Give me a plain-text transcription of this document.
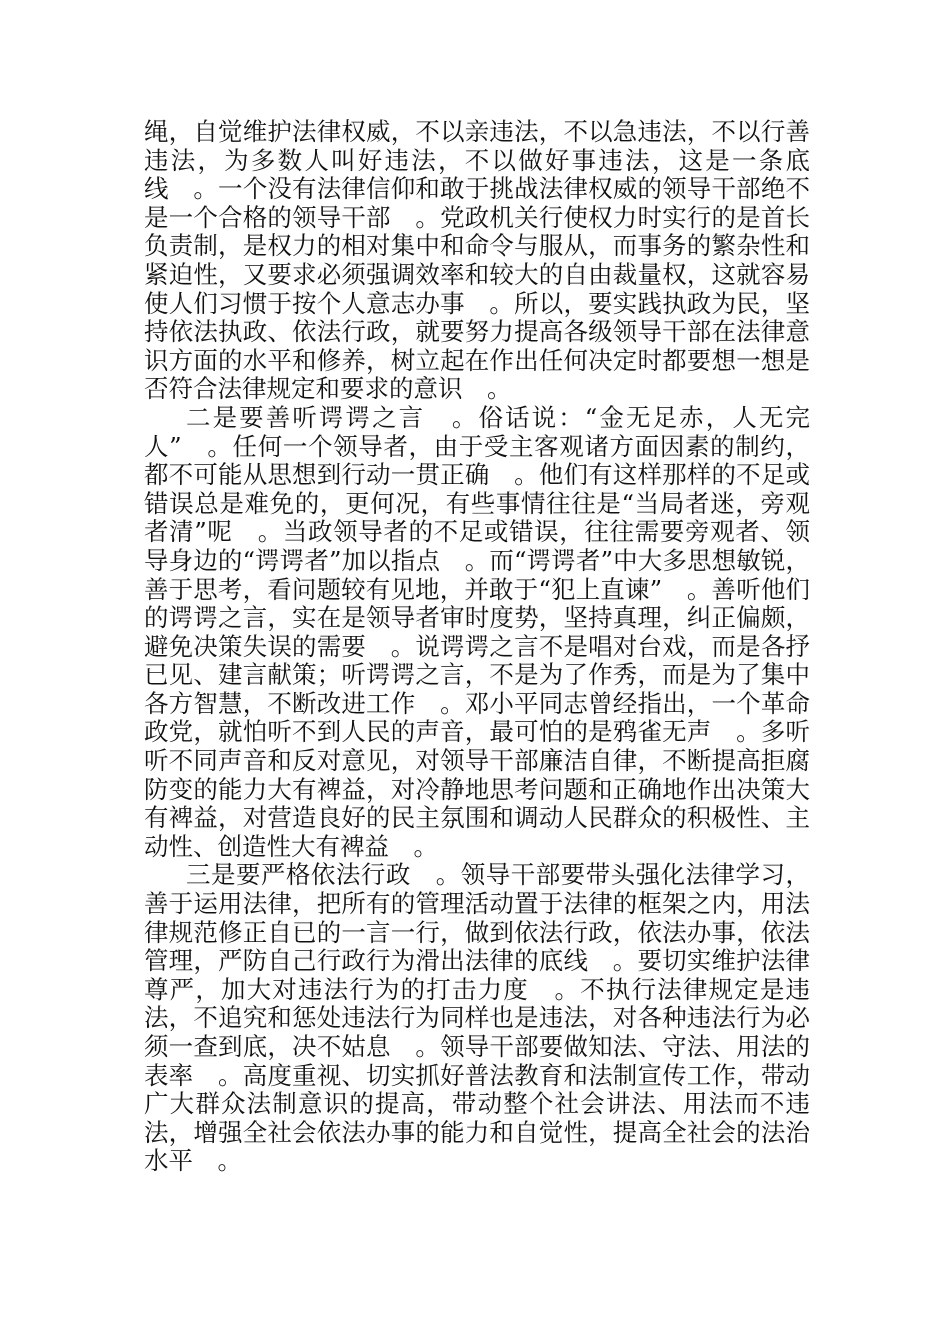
绳，自觉维护法律权威，不以亲违法，不以急违法，不以行善违法，为多数人叫好违法，不以做好事违法，这是一条底线　。一个没有法律信仰和敢于挑战法律权威的领导干部绝不是一个合格的领导干部　。党政机关行使权力时实行的是首长负责制，是权力的相对集中和命令与服从，而事务的繁杂性和紧迫性，又要求必须强调效率和较大的自由裁量权，这就容易使人们习惯于按个人意志办事　。所以，要实践执政为民，坚持依法执政、依法行政，就要努力提高各级领导干部在法律意识方面的水平和修养，树立起在作出任何决定时都要想一想是否符合法律规定和要求的意识　。

二是要善听谔谔之言　。俗话说：“金无足赤，人无完人”　。任何一个领导者，由于受主客观诸方面因素的制约，都不可能从思想到行动一贯正确　。他们有这样那样的不足或错误总是难免的，更何况，有些事情往往是“当局者迷，旁观者清”呢　。当政领导者的不足或错误，往往需要旁观者、领导身边的“谔谔者”加以指点　。而“谔谔者”中大多思想敏锐，善于思考，看问题较有见地，并敢于“犯上直谏”　。善听他们的谔谔之言，实在是领导者审时度势，坚持真理，纠正偏颇，避免决策失误的需要　。说谔谔之言不是唱对台戏，而是各抒已见、建言献策；听谔谔之言，不是为了作秀，而是为了集中各方智慧，不断改进工作　。邓小平同志曾经指出，一个革命政党，就怕听不到人民的声音，最可怕的是鸦雀无声　。多听听不同声音和反对意见，对领导干部廉洁自律，不断提高拒腐防变的能力大有裨益，对冷静地思考问题和正确地作出决策大有裨益，对营造良好的民主氛围和调动人民群众的积极性、主动性、创造性大有裨益　。

三是要严格依法行政　。领导干部要带头强化法律学习，善于运用法律，把所有的管理活动置于法律的框架之内，用法律规范修正自已的一言一行，做到依法行政，依法办事，依法管理，严防自己行政行为滑出法律的底线　。要切实维护法律尊严，加大对违法行为的打击力度　。不执行法律规定是违法，不追究和惩处违法行为同样也是违法，对各种违法行为必须一查到底，决不姑息　。领导干部要做知法、守法、用法的表率　。高度重视、切实抓好普法教育和法制宣传工作，带动广大群众法制意识的提高，带动整个社会讲法、用法而不违法，增强全社会依法办事的能力和自觉性，提高全社会的法治水平　。
